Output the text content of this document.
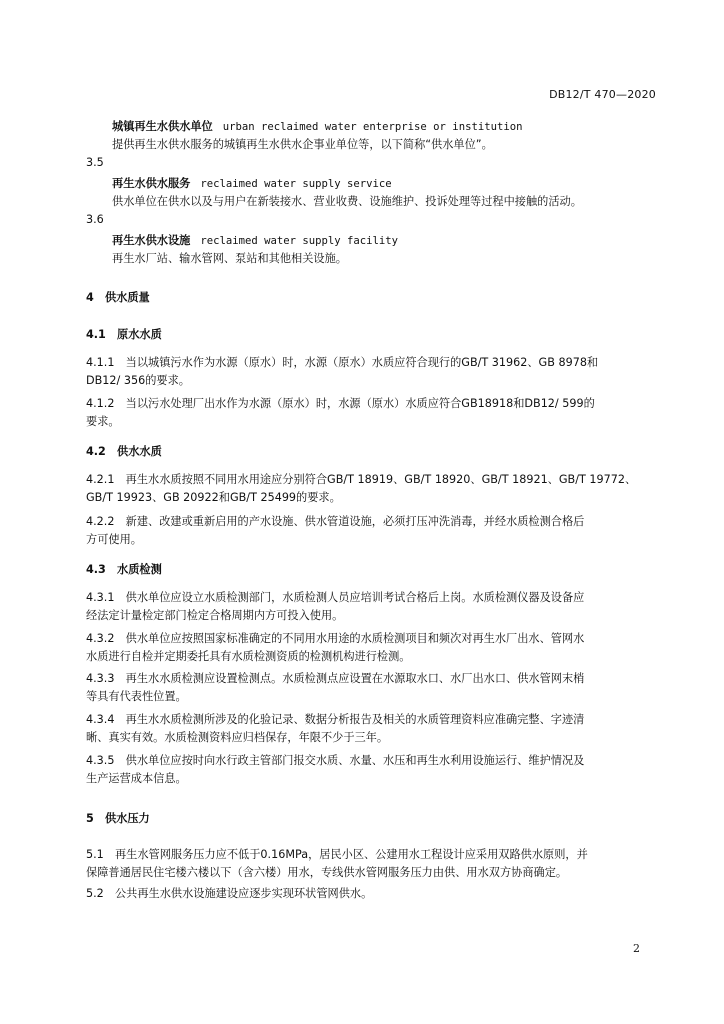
DB12/T 470—2020
城镇再生水供水单位 urban reclaimed water enterprise or institution
提供再生水供水服务的城镇再生水供水企事业单位等，以下简称“供水单位”。
3.5
再生水供水服务 reclaimed water supply service
供水单位在供水以及与用户在新装接水、营业收费、设施维护、投诉处理等过程中接触的活动。
3.6
再生水供水设施 reclaimed water supply facility
再生水厂站、输水管网、泵站和其他相关设施。
4　供水质量
4.1　原水水质
4.1.1　当以城镇污水作为水源（原水）时，水源（原水）水质应符合现行的GB/T 31962、GB 8978和
DB12/ 356的要求。
4.1.2　当以污水处理厂出水作为水源（原水）时，水源（原水）水质应符合GB18918和DB12/ 599的
要求。
4.2　供水水质
4.2.1　再生水水质按照不同用水用途应分别符合GB/T 18919、GB/T 18920、GB/T 18921、GB/T 19772、
GB/T 19923、GB 20922和GB/T 25499的要求。
4.2.2　新建、改建或重新启用的产水设施、供水管道设施，必须打压冲洗消毒，并经水质检测合格后
方可使用。
4.3　水质检测
4.3.1　供水单位应设立水质检测部门，水质检测人员应培训考试合格后上岗。水质检测仪器及设备应
经法定计量检定部门检定合格周期内方可投入使用。
4.3.2　供水单位应按照国家标准确定的不同用水用途的水质检测项目和频次对再生水厂出水、管网水
水质进行自检并定期委托具有水质检测资质的检测机构进行检测。
4.3.3　再生水水质检测应设置检测点。水质检测点应设置在水源取水口、水厂出水口、供水管网末梢
等具有代表性位置。
4.3.4　再生水水质检测所涉及的化验记录、数据分析报告及相关的水质管理资料应准确完整、字迹清
晰、真实有效。水质检测资料应归档保存，年限不少于三年。
4.3.5　供水单位应按时向水行政主管部门报交水质、水量、水压和再生水利用设施运行、维护情况及
生产运营成本信息。
5　供水压力
5.1　再生水管网服务压力应不低于0.16MPa，居民小区、公建用水工程设计应采用双路供水原则，并
保障普通居民住宅楼六楼以下（含六楼）用水，专线供水管网服务压力由供、用水双方协商确定。
5.2　公共再生水供水设施建设应逐步实现环状管网供水。
2
